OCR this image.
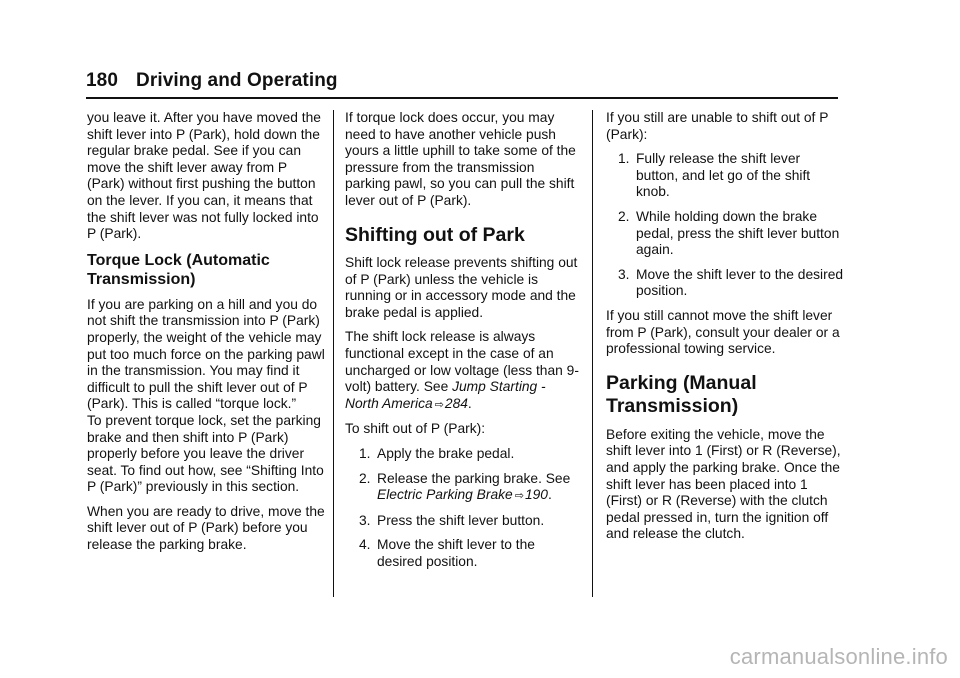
180 Driving and Operating

you leave it. After you have moved the shift lever into P (Park), hold down the regular brake pedal. See if you can move the shift lever away from P (Park) without first pushing the button on the lever. If you can, it means that the shift lever was not fully locked into P (Park).

Torque Lock (Automatic Transmission)

If you are parking on a hill and you do not shift the transmission into P (Park) properly, the weight of the vehicle may put too much force on the parking pawl in the transmission. You may find it difficult to pull the shift lever out of P (Park). This is called “torque lock.”

To prevent torque lock, set the parking brake and then shift into P (Park) properly before you leave the driver seat. To find out how, see “Shifting Into P (Park)” previously in this section.

When you are ready to drive, move the shift lever out of P (Park) before you release the parking brake.

If torque lock does occur, you may need to have another vehicle push yours a little uphill to take some of the pressure from the transmission parking pawl, so you can pull the shift lever out of P (Park).

Shifting out of Park

Shift lock release prevents shifting out of P (Park) unless the vehicle is running or in accessory mode and the brake pedal is applied.

The shift lock release is always functional except in the case of an uncharged or low voltage (less than 9-volt) battery. See Jump Starting - North America ⇨284.

To shift out of P (Park):

1. Apply the brake pedal.
2. Release the parking brake. See Electric Parking Brake ⇨190.
3. Press the shift lever button.
4. Move the shift lever to the desired position.

If you still are unable to shift out of P (Park):

1. Fully release the shift lever button, and let go of the shift knob.
2. While holding down the brake pedal, press the shift lever button again.
3. Move the shift lever to the desired position.

If you still cannot move the shift lever from P (Park), consult your dealer or a professional towing service.

Parking (Manual Transmission)

Before exiting the vehicle, move the shift lever into 1 (First) or R (Reverse), and apply the parking brake. Once the shift lever has been placed into 1 (First) or R (Reverse) with the clutch pedal pressed in, turn the ignition off and release the clutch.

carmanualsonline.info
